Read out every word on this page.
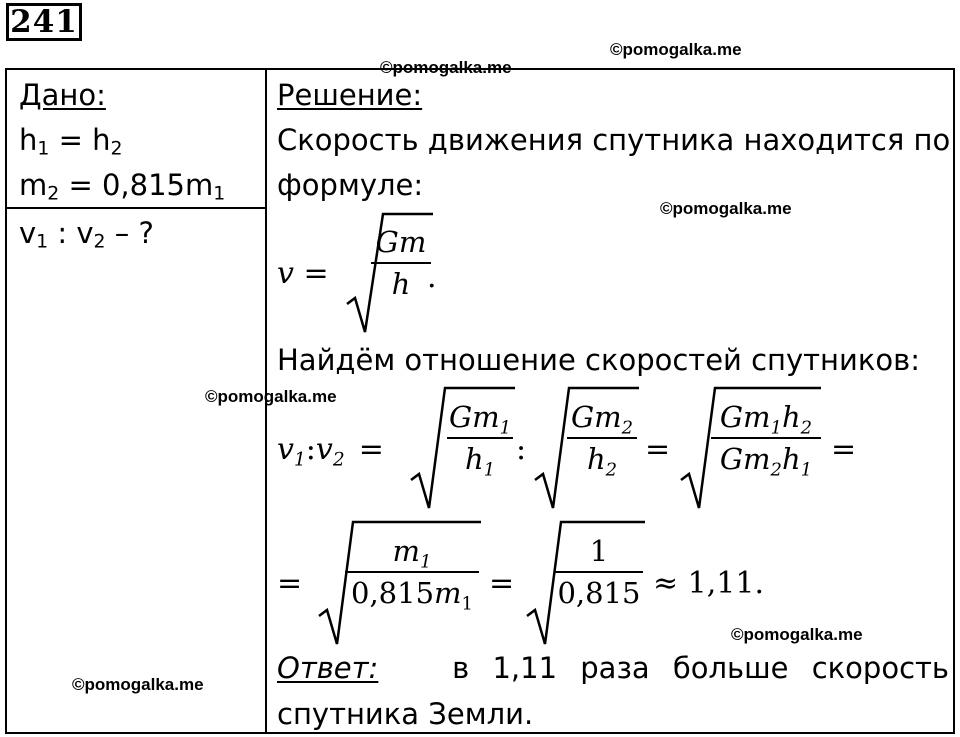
241
©pomogalka.me
©pomogalka.me
©pomogalka.me
©pomogalka.me
©pomogalka.me
©pomogalka.me
Дано:
$h_1 = h_2$
$m_2 = 0,815m_1$
$v_1$ : $v_2$ – ?
Решение:
Скорость движения спутника находится по
формуле:
v =
Gm
h .
Найдём отношение скоростей спутников:
$v_1:v_2$ =
$Gm_1$
$h_1$
:
$Gm_2$
$h_2$
=
$Gm_1h_2$
$Gm_2h_1$
=
=
$m_1$
$0,815m_1$
=
1
0,815 ≈ 1,11.
Ответ:	в 1,11 раза больше скорость
спутника Земли.
